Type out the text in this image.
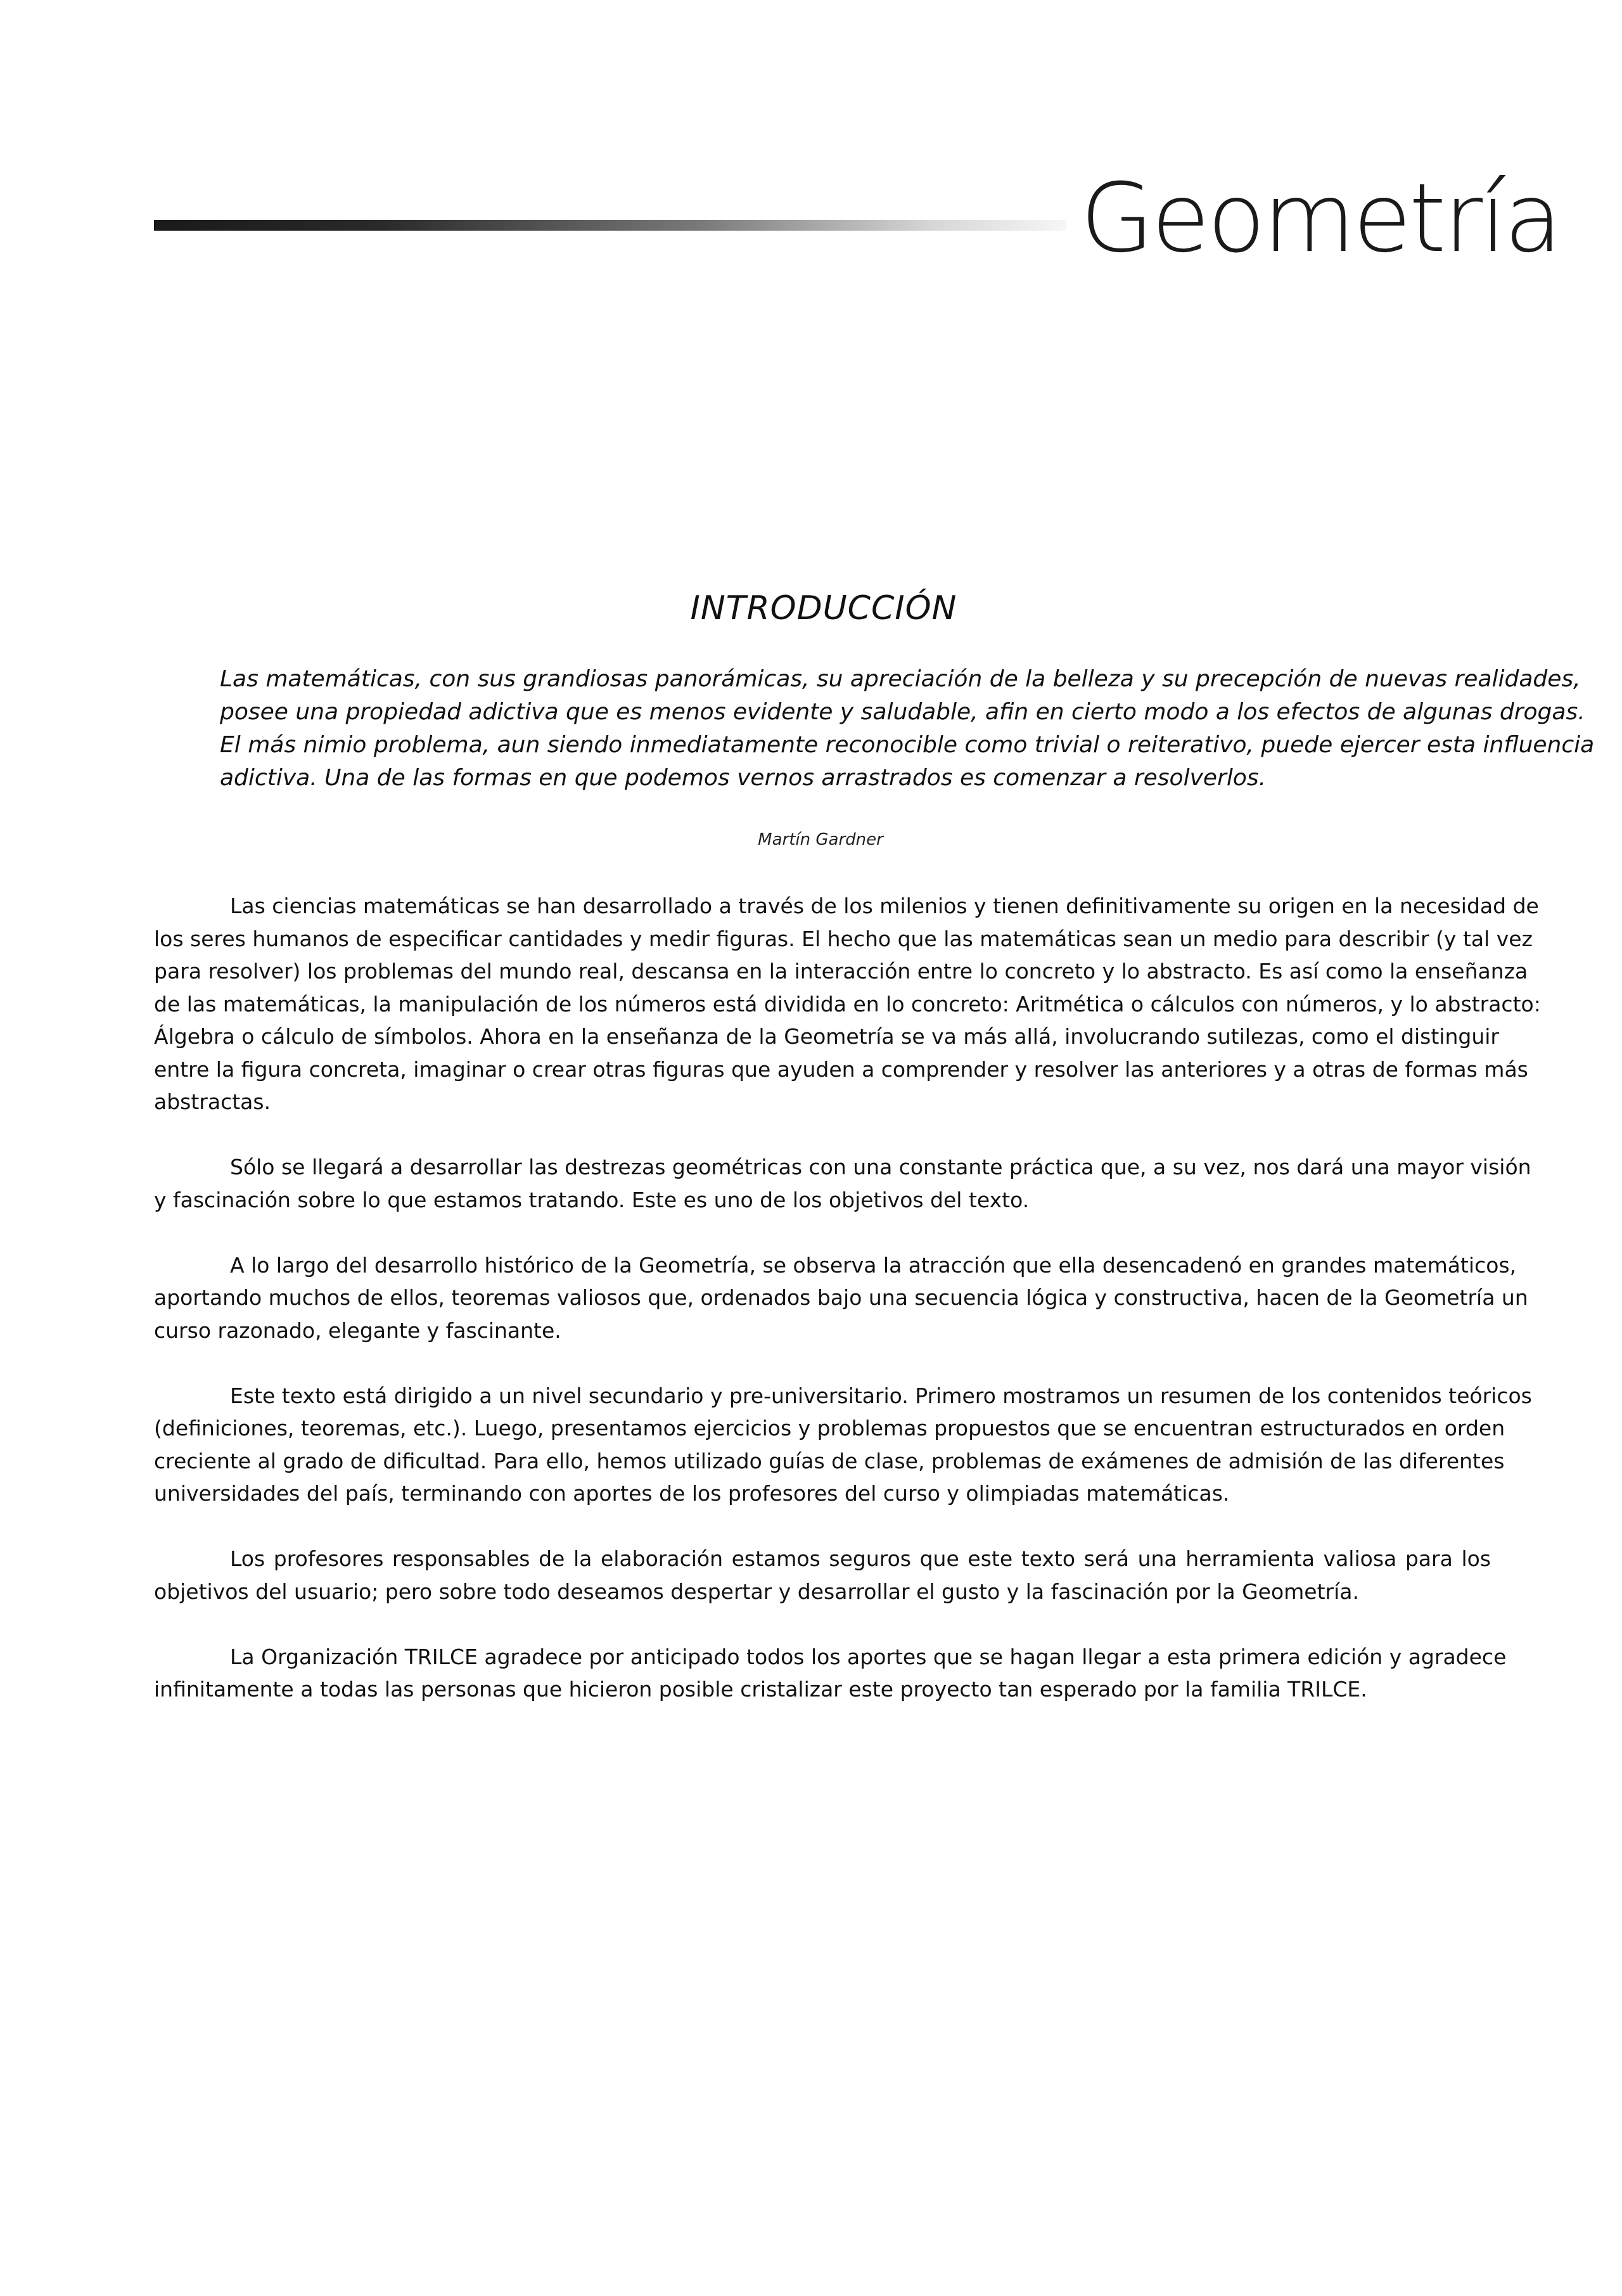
Geometría
INTRODUCCIÓN
Las matemáticas, con sus grandiosas panorámicas, su apreciación de la belleza y su precepción de nuevas realidades,
posee una propiedad adictiva que es menos evidente y saludable, afin en cierto modo a los efectos de algunas drogas.
El más nimio problema, aun siendo inmediatamente reconocible como trivial o reiterativo, puede ejercer esta influencia
adictiva. Una de las formas en que podemos vernos arrastrados es comenzar a resolverlos.
Martín Gardner
Las ciencias matemáticas se han desarrollado a través de los milenios y tienen definitivamente su origen en la necesidad de
los seres humanos de especificar cantidades y medir figuras. El hecho que las matemáticas sean un medio para describir (y tal vez
para resolver) los problemas del mundo real, descansa en la interacción entre lo concreto y lo abstracto. Es así como la enseñanza
de las matemáticas, la manipulación de los números está dividida en lo concreto: Aritmética o cálculos con números, y lo abstracto:
Álgebra o cálculo de símbolos. Ahora en la enseñanza de la Geometría se va más allá, involucrando sutilezas, como el distinguir
entre la figura concreta, imaginar o crear otras figuras que ayuden a comprender y resolver las anteriores y a otras de formas más
abstractas.
Sólo se llegará a desarrollar las destrezas geométricas con una constante práctica que, a su vez, nos dará una mayor visión
y fascinación sobre lo que estamos tratando. Este es uno de los objetivos del texto.
A lo largo del desarrollo histórico de la Geometría, se observa la atracción que ella desencadenó en grandes matemáticos,
aportando muchos de ellos, teoremas valiosos que, ordenados bajo una secuencia lógica y constructiva, hacen de la Geometría un
curso razonado, elegante y fascinante.
Este texto está dirigido a un nivel secundario y pre-universitario. Primero mostramos un resumen de los contenidos teóricos
(definiciones, teoremas, etc.). Luego, presentamos ejercicios y problemas propuestos que se encuentran estructurados en orden
creciente al grado de dificultad. Para ello, hemos utilizado guías de clase, problemas de exámenes de admisión de las diferentes
universidades del país, terminando con aportes de los profesores del curso y olimpiadas matemáticas.
Los profesores responsables de la elaboración estamos seguros que este texto será una herramienta valiosa para los
objetivos del usuario; pero sobre todo deseamos despertar y desarrollar el gusto y la fascinación por la Geometría.
La Organización TRILCE agradece por anticipado todos los aportes que se hagan llegar a esta primera edición y agradece
infinitamente a todas las personas que hicieron posible cristalizar este proyecto tan esperado por la familia TRILCE.
